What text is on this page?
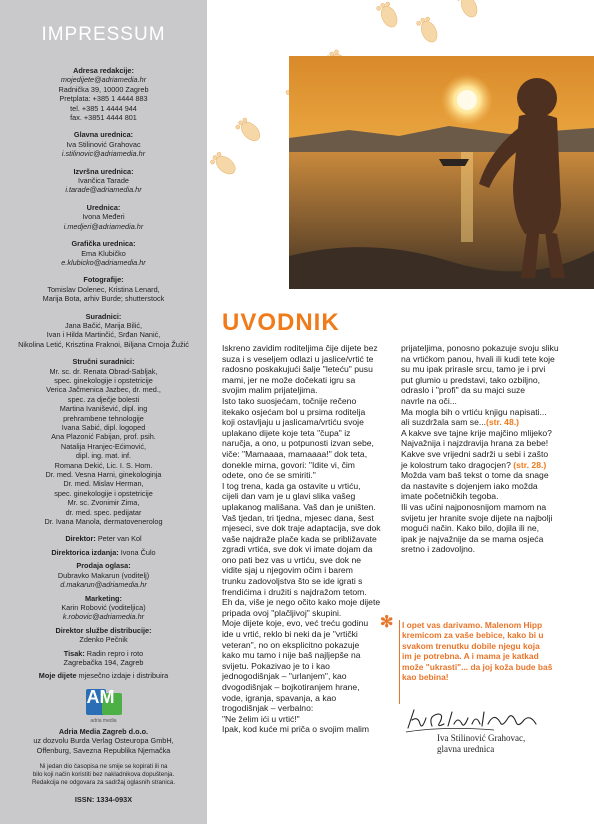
IMPRESSUM
Adresa redakcije:
mojedijete@adriamedia.hr
Radnička 39, 10000 Zagreb
Pretplata: +385 1 4444 883
tel. +385 1 4444 944
fax. +3851 4444 801
Glavna urednica:
Iva Stilinović Grahovac
i.stilinovic@adriamedia.hr
Izvršna urednica:
Ivančica Tarade
i.tarade@adriamedia.hr
Urednica:
Ivona Međeri
i.medjeri@adriamedia.hr
Grafička urednica:
Ema Klubičko
e.klubicko@adriamedia.hr
Fotografije:
Tomislav Dolenec, Kristina Lenard,
Marija Bota, arhiv Burde; shutterstock
Suradnici:
Jana Bačić, Marija Bilić,
Ivan i Hilda Martinčić, Srđan Nanić,
Nikolina Letić, Krisztina Fraknoi, Biljana Crnoja Žužić
Stručni suradnici:
Mr. sc. dr. Renata Obrad-Sabljak,
spec. ginekologije i opstetricije
Verica Jačmenica Jazbec, dr. med.,
spec. za dječje bolesti
Martina Ivanišević, dipl. ing
prehrambene tehnologije
Ivana Sabić, dipl. logoped
Ana Plazonić Fabijan, prof. psih.
Natalija Hranjec-Ećimović,
dipl. ing. mat. inf.
Romana Dekić, Lic. I. S. Hom.
Dr. med. Vesna Harni, ginekologinja
Dr. med. Mislav Herman,
spec. ginekologije i opstetricije
Mr. sc. Zvonimir Zima,
dr. med. spec. pedijatar
Dr. Ivana Manola, dermatovenerolog
Direktor: Peter van Kol
Direktorica izdanja: Ivona Čulo
Prodaja oglasa:
Dubravko Makarun (voditelj)
d.makarun@adriamedia.hr
Marketing:
Karin Robović (voditeljica)
k.robovic@adriamedia.hr
Direktor službe distribucije:
Zdenko Pečnik
Tisak: Radin repro i roto
Zagrebačka 194, Zagreb
Moje dijete mjesečno izdaje i distribuira
AM
adria media
Adria Media Zagreb d.o.o.
uz dozvolu Burda Verlag Osteuropa GmbH,
Offenburg, Savezna Republika Njemačka
Ni jedan dio časopisa ne smije se kopirati ili na
bilo koji način koristiti bez nakladnikova dopuštenja.
Redakcija ne odgovara za sadržaj oglasnih stranica.
ISSN: 1334-093X
UVODNIK
Iskreno zavidim roditeljima čije dijete bez
suza i s veseljem odlazi u jaslice/vrtić te
radosno poskakujući šalje "leteću" pusu
mami, jer ne može dočekati igru sa
svojim malim prijateljima.
Isto tako suosjećam, točnije rečeno
itekako osjećam bol u prsima roditelja
koji ostavljaju u jaslicama/vrtiću svoje
uplakano dijete koje teta "čupa" iz
naručja, a ono, u potpunosti izvan sebe,
viče: "Mamaaaa, mamaaaa!" dok teta,
donekle mirna, govori: "Idite vi, čim
odete, ono će se smiriti."
I tog trena, kada ga ostavite u vrtiću,
cijeli dan vam je u glavi slika vašeg
uplakanog mališana. Vaš dan je uništen.
Vaš tjedan, tri tjedna, mjesec dana, šest
mjeseci, sve dok traje adaptacija, sve dok
vaše najdraže plače kada se približavate
zgradi vrtića, sve dok vi imate dojam da
ono pati bez vas u vrtiću, sve dok ne
vidite sjaj u njegovim očim i barem
trunku zadovoljstva što se ide igrati s
frendićima i družiti s najdražom tetom.
Eh da, više je nego očito kako moje dijete
pripada ovoj "plačljivoj" skupini.
Moje dijete koje, evo, već treću godinu
ide u vrtić, reklo bi neki da je "vrtički
veteran", no on eksplicitno pokazuje
kako mu tamo i nije baš najljepše na
svijetu. Pokazivao je to i kao
jednogodišnjak – "urlanjem", kao
dvogodišnjak – bojkotiranjem hrane,
vode, igranja, spavanja, a kao
trogodišnjak – verbalno:
"Ne želim ići u vrtić!"
Ipak, kod kuće mi priča o svojim malim
prijateljima, ponosno pokazuje svoju sliku
na vrtićkom panou, hvali ili kudi tete koje
su mu ipak prirasle srcu, tamo je i prvi
put glumio u predstavi, tako ozbiljno,
odraslo i "profi" da su majci suze
navrle na oči...
Ma mogla bih o vrtiću knjigu napisati...
ali suzdržala sam se...(str. 48.)
A kakve sve tajne krije majčino mlijeko?
Najvažnija i najzdravija hrana za bebe!
Kakve sve vrijedni sadrži u sebi i zašto
je kolostrum tako dragocjen? (str. 28.)
Možda vam baš tekst o tome da snage
da nastavite s dojenjem iako možda
imate početničkih tegoba.
Ili vas učini najponosnijom mamom na
svijetu jer hranite svoje dijete na najbolji
mogući način. Kako bilo, dojila ili ne,
ipak je najvažnije da se mama osjeća
sretno i zadovoljno.
✻ I opet vas darivamo. Malenom Hipp
kremicom za vaše bebice, kako bi u
svakom trenutku dobile njegu koja
im je potrebna. A i mama je katkad
može "ukrasti"... da joj koža bude baš
kao bebina!
Iva Stilinović Grahovac,
glavna urednica
